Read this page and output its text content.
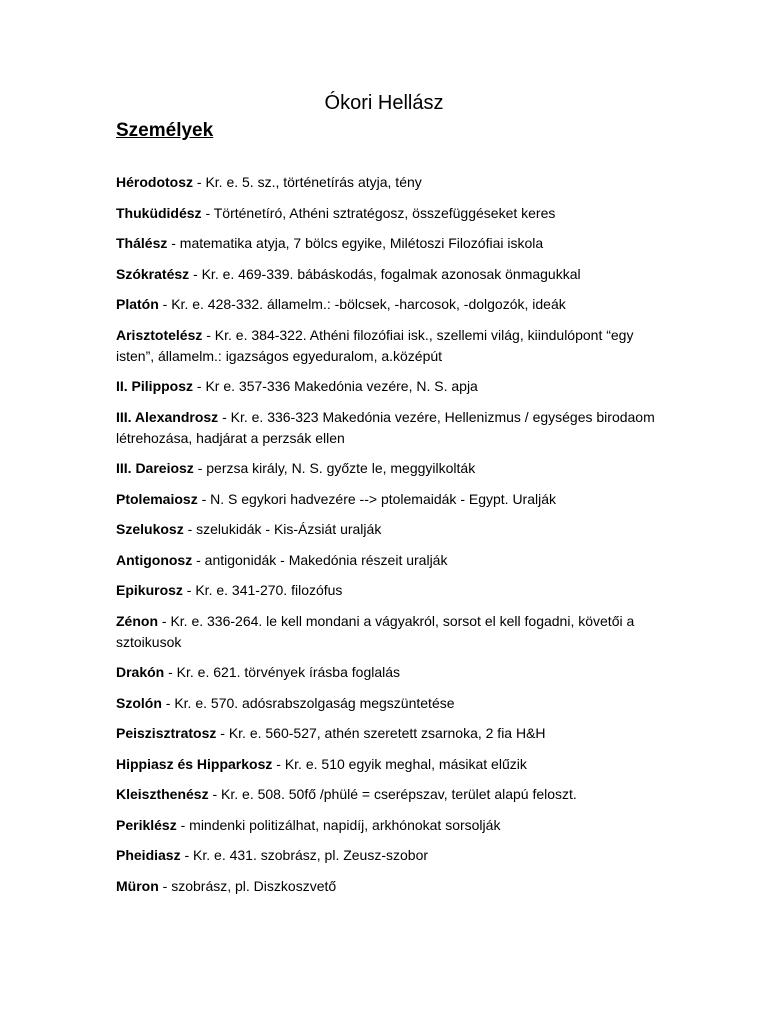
Ókori Hellász
Személyek
Hérodotosz - Kr. e. 5. sz., történetírás atyja, tény
Thuküdidész - Történetíró, Athéni sztratégosz, összefüggéseket keres
Thálész - matematika atyja, 7 bölcs egyike, Milétoszi Filozófiai iskola
Szókratész - Kr. e. 469-339. bábáskodás, fogalmak azonosak önmagukkal
Platón - Kr. e. 428-332. államelm.: -bölcsek, -harcosok, -dolgozók, ideák
Arisztotelész - Kr. e. 384-322. Athéni filozófiai isk., szellemi világ, kiindulópont “egy isten”, államelm.: igazságos egyeduralom, a.középút
II. Pilipposz - Kr e. 357-336 Makedónia vezére, N. S. apja
III. Alexandrosz - Kr. e. 336-323 Makedónia vezére, Hellenizmus / egységes birodaom létrehozása, hadjárat a perzsák ellen
III. Dareiosz - perzsa király, N. S. győzte le, meggyilkolták
Ptolemaiosz - N. S egykori hadvezére --> ptolemaidák - Egypt. Uralják
Szelukosz - szelukidák - Kis-Ázsiát uralják
Antigonosz - antigonidák - Makedónia részeit uralják
Epikurosz - Kr. e. 341-270. filozófus
Zénon - Kr. e. 336-264. le kell mondani a vágyakról, sorsot el kell fogadni, követői a sztoikusok
Drakón - Kr. e. 621. törvények írásba foglalás
Szolón - Kr. e. 570. adósrabszolgaság megszüntetése
Peiszisztratosz - Kr. e. 560-527, athén szeretett zsarnoka, 2 fia H&H
Hippiasz és Hipparkosz - Kr. e. 510 egyik meghal, másikat elűzik
Kleiszthenész - Kr. e. 508. 50fő /phülé = cserépszav, terület alapú feloszt.
Periklész - mindenki politizálhat, napidíj, arkhónokat sorsolják
Pheidiasz - Kr. e. 431. szobrász, pl. Zeusz-szobor
Müron - szobrász, pl. Diszkoszvető
